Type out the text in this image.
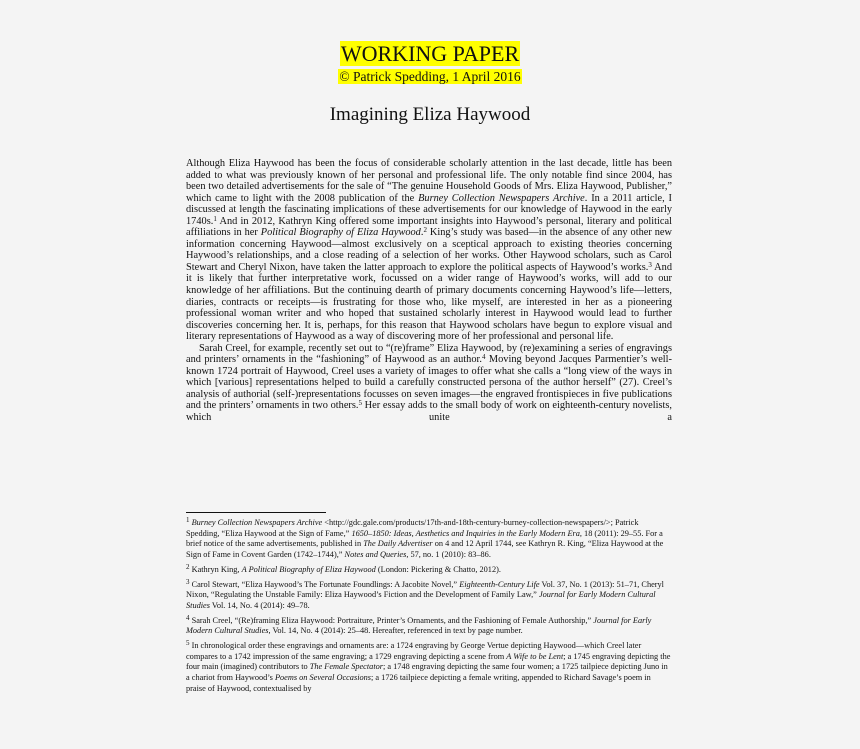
WORKING PAPER
© Patrick Spedding, 1 April 2016
Imagining Eliza Haywood

Although Eliza Haywood has been the focus of considerable scholarly attention in the last decade, little has been added to what was previously known of her personal and professional life. The only notable find since 2004, has been two detailed advertisements for the sale of “The genuine Household Goods of Mrs. Eliza Haywood, Publisher,” which came to light with the 2008 publication of the Burney Collection Newspapers Archive. In a 2011 article, I discussed at length the fascinating implications of these advertisements for our knowledge of Haywood in the early 1740s.$^1$ And in 2012, Kathryn King offered some important insights into Haywood’s personal, literary and political affiliations in her Political Biography of Eliza Haywood.$^2$ King’s study was based—in the absence of any other new information concerning Haywood—almost exclusively on a sceptical approach to existing theories concerning Haywood’s relationships, and a close reading of a selection of her works. Other Haywood scholars, such as Carol Stewart and Cheryl Nixon, have taken the latter approach to explore the political aspects of Haywood’s works.$^3$ And it is likely that further interpretative work, focussed on a wider range of Haywood’s works, will add to our knowledge of her affiliations. But the continuing dearth of primary documents concerning Haywood’s life—letters, diaries, contracts or receipts—is frustrating for those who, like myself, are interested in her as a pioneering professional woman writer and who hoped that sustained scholarly interest in Haywood would lead to further discoveries concerning her. It is, perhaps, for this reason that Haywood scholars have begun to explore visual and literary representations of Haywood as a way of discovering more of her professional and personal life.

Sarah Creel, for example, recently set out to “(re)frame” Eliza Haywood, by (re)examining a series of engravings and printers’ ornaments in the “fashioning” of Haywood as an author.$^4$ Moving beyond Jacques Parmentier’s well-known 1724 portrait of Haywood, Creel uses a variety of images to offer what she calls a “long view of the ways in which [various] representations helped to build a carefully constructed persona of the author herself” (27). Creel’s analysis of authorial (self-)representations focusses on seven images—the engraved frontispieces in five publications and the printers’ ornaments in two others.$^5$ Her essay adds to the small body of work on eighteenth-century novelists, which unite a

$^1$ Burney Collection Newspapers Archive <http://gdc.gale.com/products/17th-and-18th-century-burney-collection-newspapers/>; Patrick Spedding, “Eliza Haywood at the Sign of Fame,” 1650–1850: Ideas, Aesthetics and Inquiries in the Early Modern Era, 18 (2011): 29–55. For a brief notice of the same advertisements, published in The Daily Advertiser on 4 and 12 April 1744, see Kathryn R. King, “Eliza Haywood at the Sign of Fame in Covent Garden (1742–1744),” Notes and Queries, 57, no. 1 (2010): 83–86.

$^2$ Kathryn King, A Political Biography of Eliza Haywood (London: Pickering & Chatto, 2012).

$^3$ Carol Stewart, “Eliza Haywood’s The Fortunate Foundlings: A Jacobite Novel,” Eighteenth-Century Life Vol. 37, No. 1 (2013): 51–71, Cheryl Nixon, “Regulating the Unstable Family: Eliza Haywood’s Fiction and the Development of Family Law,” Journal for Early Modern Cultural Studies Vol. 14, No. 4 (2014): 49–78.

$^4$ Sarah Creel, “(Re)framing Eliza Haywood: Portraiture, Printer’s Ornaments, and the Fashioning of Female Authorship,” Journal for Early Modern Cultural Studies, Vol. 14, No. 4 (2014): 25–48. Hereafter, referenced in text by page number.

$^5$ In chronological order these engravings and ornaments are: a 1724 engraving by George Vertue depicting Haywood—which Creel later compares to a 1742 impression of the same engraving; a 1729 engraving depicting a scene from A Wife to be Lent; a 1745 engraving depicting the four main (imagined) contributors to The Female Spectator; a 1748 engraving depicting the same four women; a 1725 tailpiece depicting Juno in a chariot from Haywood’s Poems on Several Occasions; a 1726 tailpiece depicting a female writing, appended to Richard Savage’s poem in praise of Haywood, contextualised by
